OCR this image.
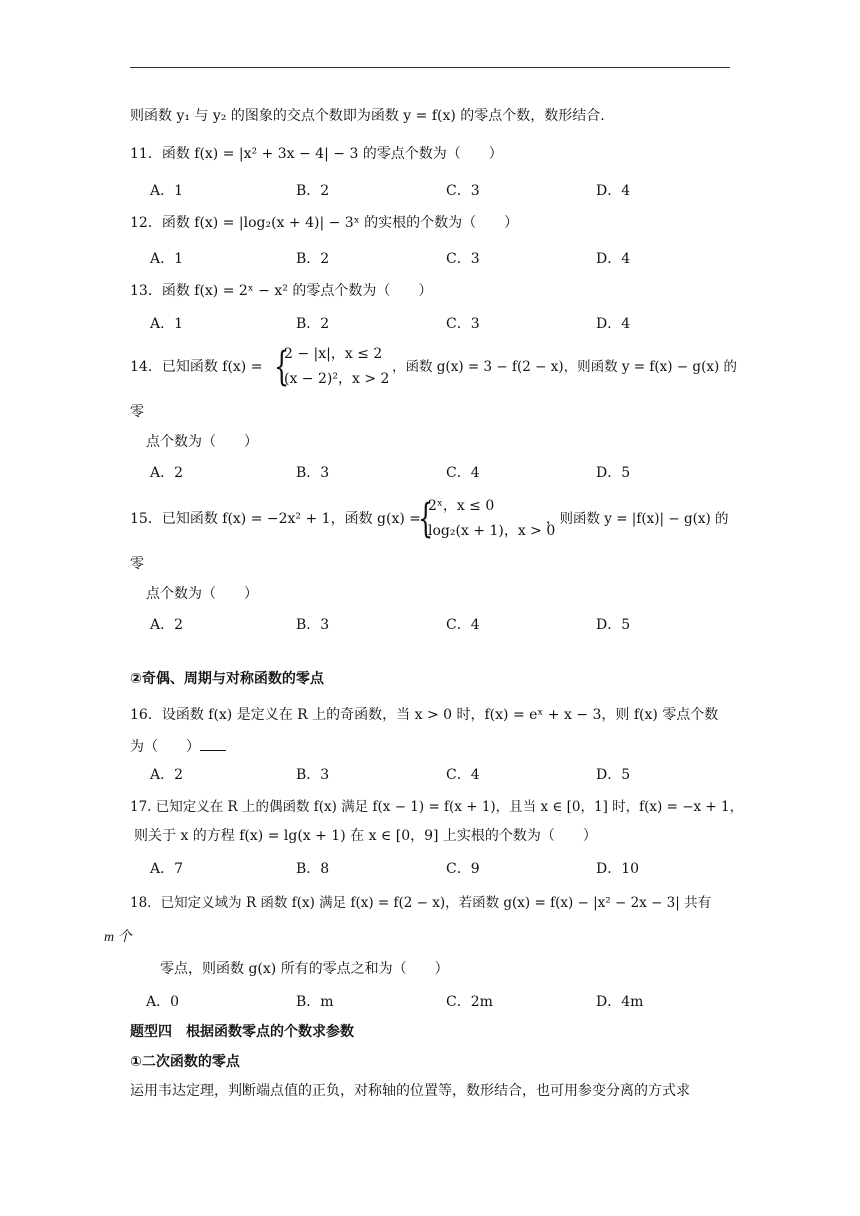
则函数 y₁ 与 y₂ 的图象的交点个数即为函数 y = f(x) 的零点个数，数形结合.
11．函数 f(x) = |x² + 3x − 4| − 3 的零点个数为（　　）
A．1	B．2	C．3	D．4
12．函数 f(x) = |log₂(x + 4)| − 3ˣ 的实根的个数为（　　）
A．1	B．2	C．3	D．4
13．函数 f(x) = 2ˣ − x² 的零点个数为（　　）
A．1	B．2	C．3	D．4
14．已知函数 f(x) = {
2 − |x|，x ≤ 2
(x − 2)²，x > 2
，函数 g(x) = 3 − f(2 − x)，则函数 y = f(x) − g(x) 的
零
点个数为（　　）
A．2	B．3	C．4	D．5
15．已知函数 f(x) = −2x² + 1，函数 g(x) =
{
2ˣ，x ≤ 0
log₂(x + 1)，x > 0
，则函数 y = |f(x)| − g(x) 的
零
点个数为（　　）
A．2	B．3	C．4	D．5
②奇偶、周期与对称函数的零点
16．设函数 f(x) 是定义在 R 上的奇函数，当 x > 0 时，f(x) = eˣ + x − 3，则 f(x) 零点个数
为（　　）
A．2	B．3	C．4	D．5
17. 已知定义在 R 上的偶函数 f(x) 满足 f(x − 1) = f(x + 1)，且当 x ∈ [0，1] 时，f(x) = −x + 1，
则关于 x 的方程 f(x) = lg(x + 1) 在 x ∈ [0，9] 上实根的个数为（　　）
A．7	B．8	C．9	D．10
18．已知定义域为 R 函数 f(x) 满足 f(x) = f(2 − x)，若函数 g(x) = f(x) − |x² − 2x − 3| 共有
m 个
零点，则函数 g(x) 所有的零点之和为（　　）
A．0	B．m	C．2m	D．4m
题型四　根据函数零点的个数求参数
①二次函数的零点
运用韦达定理，判断端点值的正负，对称轴的位置等，数形结合，也可用参变分离的方式求
